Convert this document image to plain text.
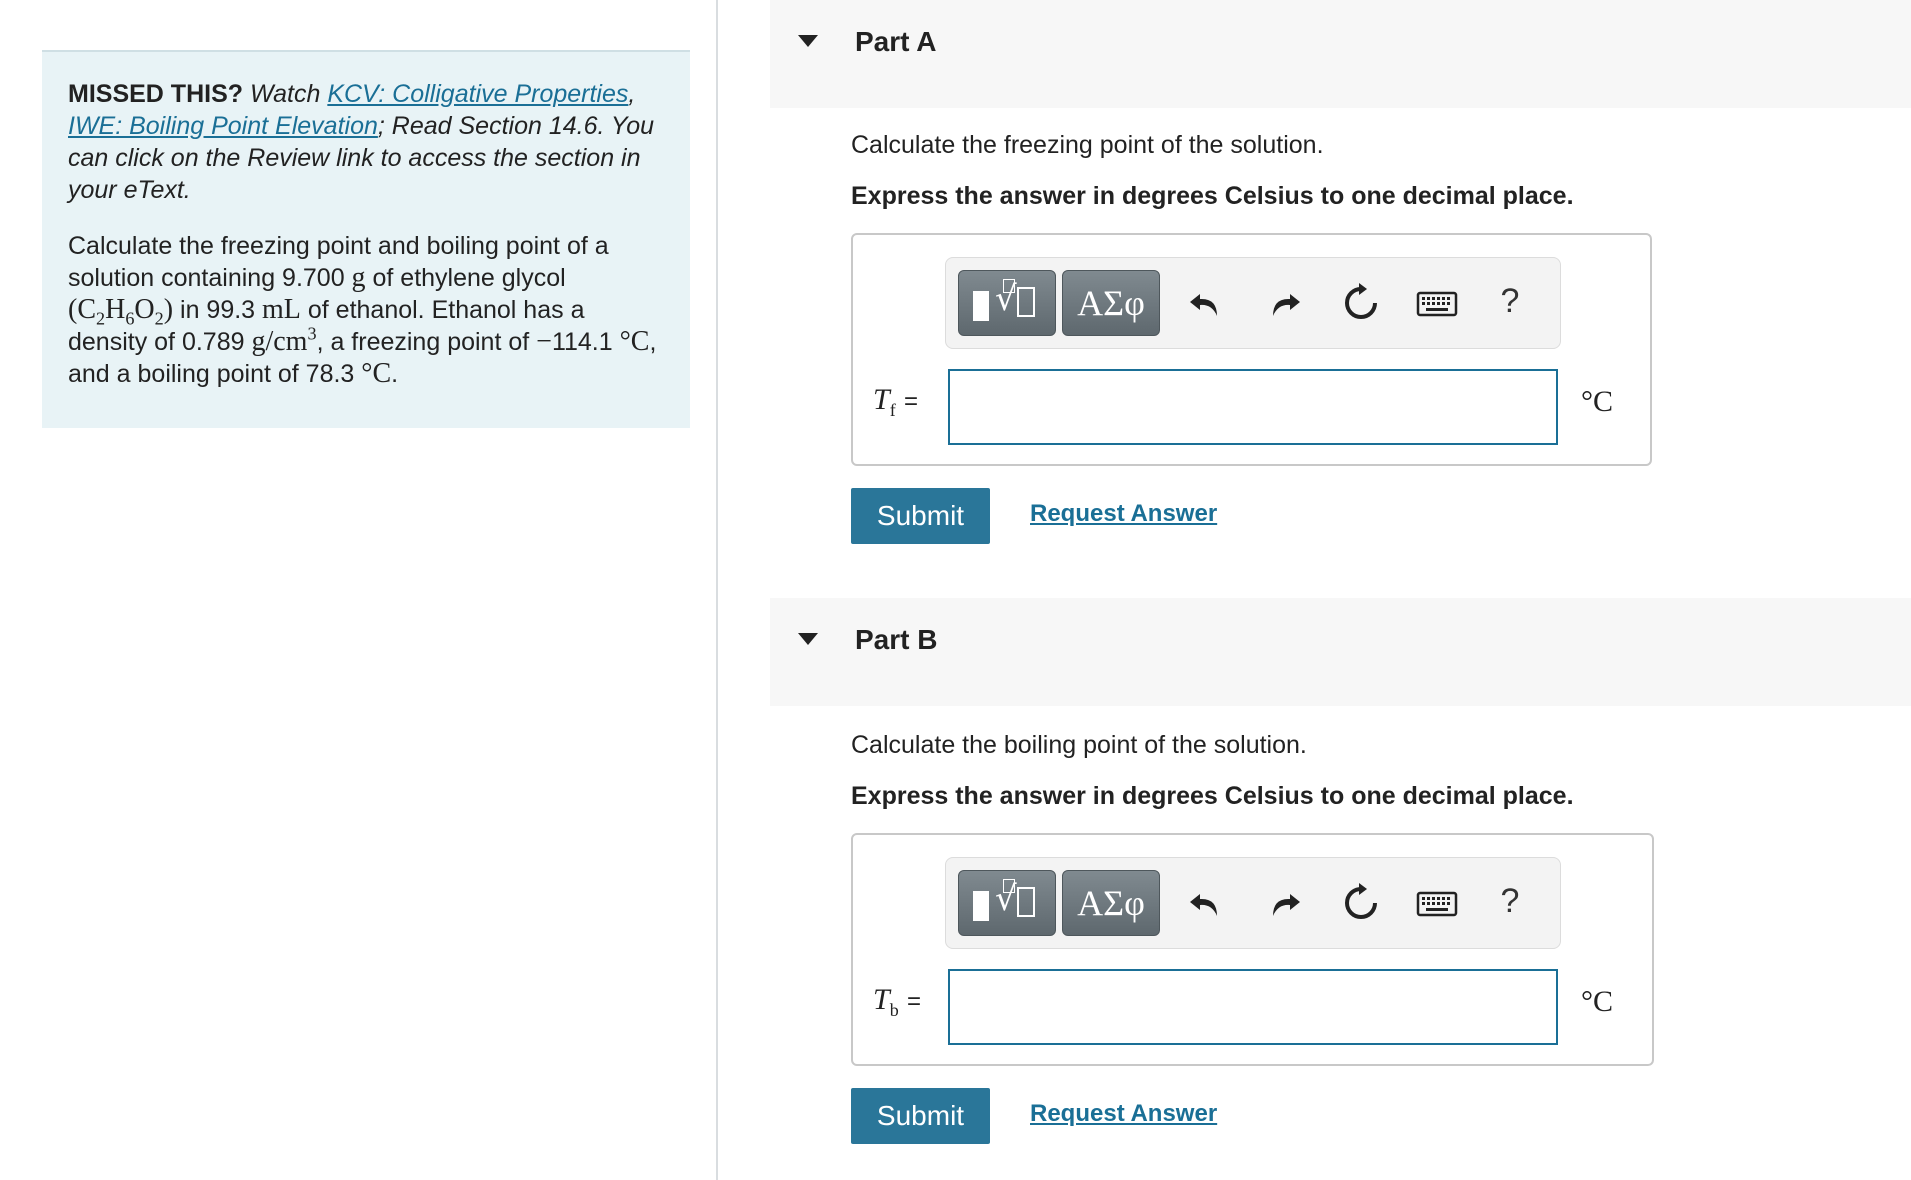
MISSED THIS? Watch KCV: Colligative Properties, IWE: Boiling Point Elevation; Read Section 14.6. You can click on the Review link to access the section in your eText.

Calculate the freezing point and boiling point of a solution containing 9.700 g of ethylene glycol $(C_2H_6O_2)$ in 99.3 mL of ethanol. Ethanol has a density of 0.789 $g/cm^3$, a freezing point of −114.1 °C, and a boiling point of 78.3 °C.

Part A
Calculate the freezing point of the solution.
Express the answer in degrees Celsius to one decimal place.
√	ΑΣφ	?
$T_f$ =	°C
Submit	Request Answer
Part B
Calculate the boiling point of the solution.
Express the answer in degrees Celsius to one decimal place.
√	ΑΣφ	?
$T_b$ =	°C
Submit	Request Answer
